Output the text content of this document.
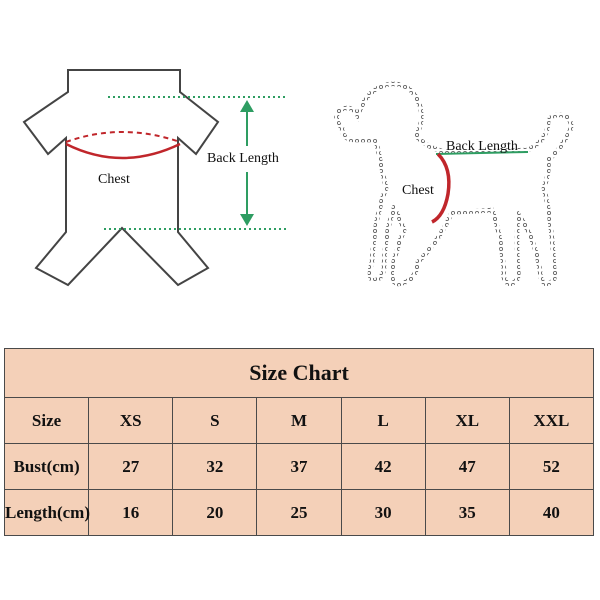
Chest
Back Length
Back Length
Chest
Size Chart						
Size	XS	S	M	L	XL	XXL
Bust(cm)	27	32	37	42	47	52
Length(cm)	16	20	25	30	35	40
